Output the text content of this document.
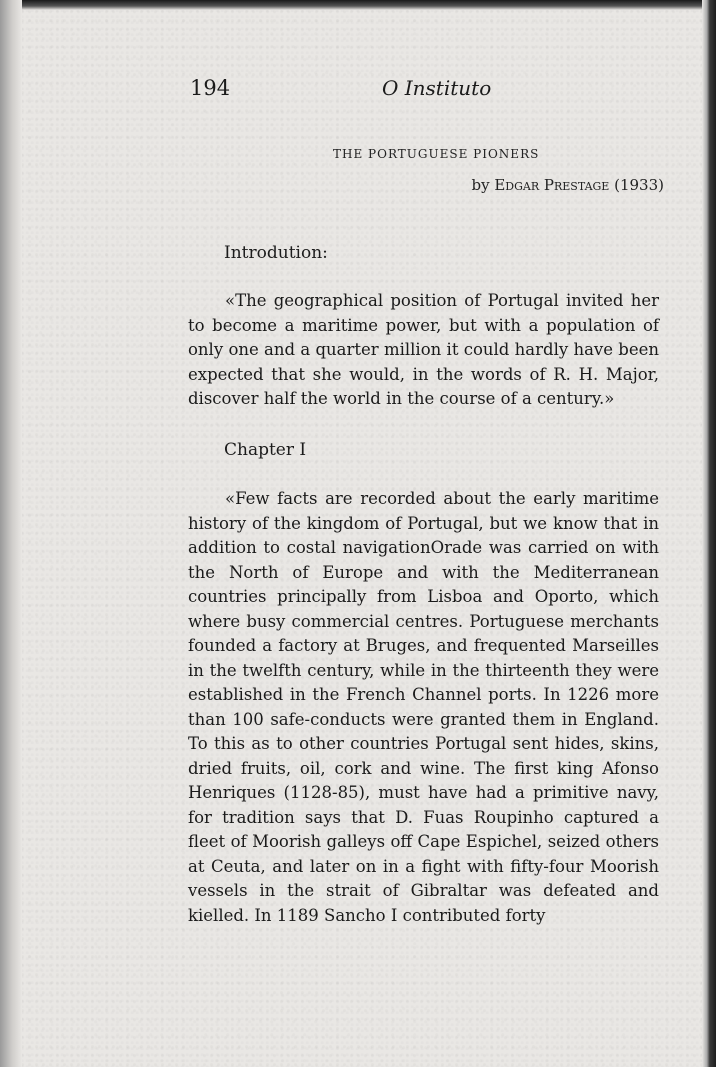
194	O Instituto
THE PORTUGUESE PIONERS
by Edgar Prestage (1933)
Introdution:

«The geographical position of Portugal invited her to become a maritime power, but with a population of only one and a quarter million it could hardly have been expected that she would, in the words of R. H. Major, discover half the world in the course of a century.»

Chapter I

«Few facts are recorded about the early maritime history of the kingdom of Portugal, but we know that in addition to costal navigationOrade was carried on with the North of Europe and with the Mediterranean countries principally from Lisboa and Oporto, which where busy commercial centres. Portuguese merchants founded a factory at Bruges, and frequented Marseilles in the twelfth century, while in the thirteenth they were established in the French Channel ports. In 1226 more than 100 safe-conducts were granted them in England. To this as to other countries Portugal sent hides, skins, dried fruits, oil, cork and wine. The first king Afonso Henriques (1128-85), must have had a primitive navy, for tradition says that D. Fuas Roupinho captured a fleet of Moorish galleys off Cape Espichel, seized others at Ceuta, and later on in a fight with fifty-four Moorish vessels in the strait of Gibraltar was defeated and kielled. In 1189 Sancho I contributed forty
